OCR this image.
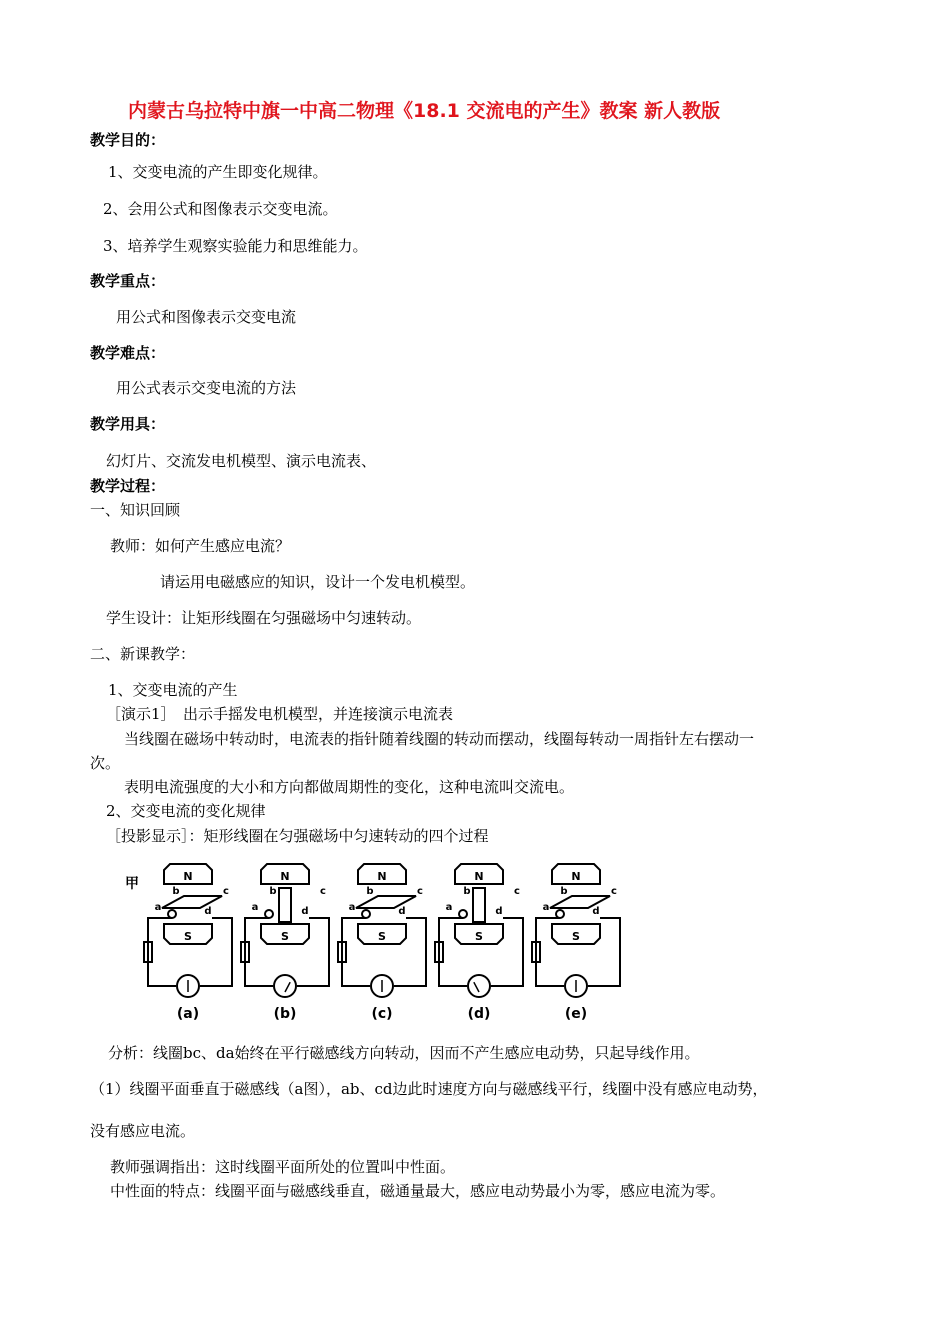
内蒙古乌拉特中旗一中高二物理《18.1 交流电的产生》教案 新人教版
教学目的：
1、交变电流的产生即变化规律。
2、会用公式和图像表示交变电流。
3、培养学生观察实验能力和思维能力。
教学重点：
用公式和图像表示交变电流
教学难点：
用公式表示交变电流的方法
教学用具：
幻灯片、交流发电机模型、演示电流表、
教学过程：
一、知识回顾
教师：如何产生感应电流？
请运用电磁感应的知识，设计一个发电机模型。
学生设计：让矩形线圈在匀强磁场中匀速转动。
二、新课教学：
1、交变电流的产生
［演示1］　出示手摇发电机模型，并连接演示电流表
当线圈在磁场中转动时，电流表的指针随着线圈的转动而摆动，线圈每转动一周指针左右摆动一
次。
表明电流强度的大小和方向都做周期性的变化，这种电流叫交流电。
2、交变电流的变化规律
［投影显示］：矩形线圈在匀强磁场中匀速转动的四个过程
甲	N
S
a
b	c
d
(a)
N
S
a
b	c
d
(b)
N
S
a
b	c
d
(c)
N
S
a
b	c
d
(d)
N
S
a
b	c
d
(e)
分析：线圈bc、da始终在平行磁感线方向转动，因而不产生感应电动势，只起导线作用。
（1）线圈平面垂直于磁感线（a图），ab、cd边此时速度方向与磁感线平行，线圈中没有感应电动势，
没有感应电流。
教师强调指出：这时线圈平面所处的位置叫中性面。
中性面的特点：线圈平面与磁感线垂直，磁通量最大，感应电动势最小为零，感应电流为零。
